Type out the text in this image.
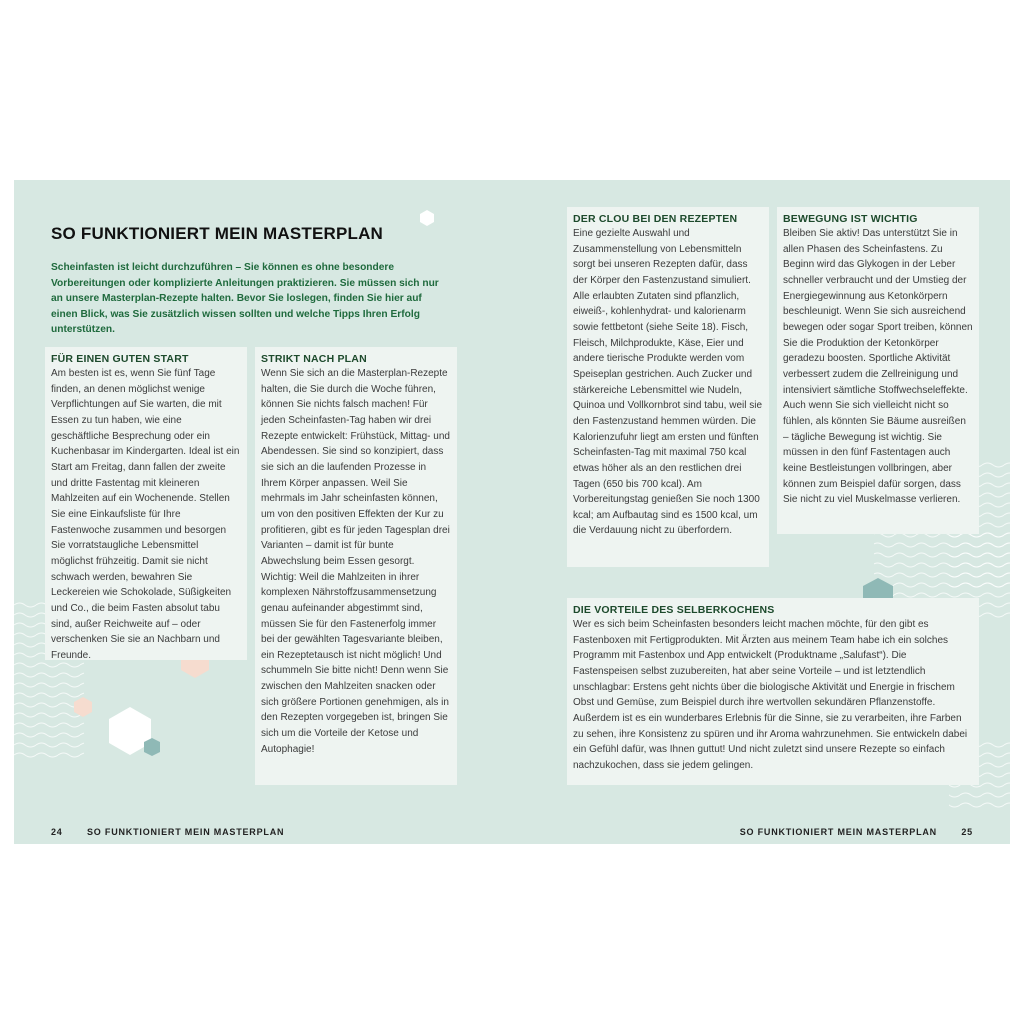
SO FUNKTIONIERT MEIN MASTERPLAN

Scheinfasten ist leicht durchzuführen – Sie können es ohne besondere Vorbereitungen oder komplizierte Anleitungen praktizieren. Sie müssen sich nur an unsere Masterplan-Rezepte halten. Bevor Sie loslegen, finden Sie hier auf einen Blick, was Sie zusätzlich wissen sollten und welche Tipps Ihren Erfolg unterstützen.

FÜR EINEN GUTEN START

Am besten ist es, wenn Sie fünf Tage finden, an denen möglichst wenige Verpflichtungen auf Sie warten, die mit Essen zu tun haben, wie eine geschäftliche Besprechung oder ein Kuchenbasar im Kindergarten. Ideal ist ein Start am Freitag, dann fallen der zweite und dritte Fastentag mit kleineren Mahlzeiten auf ein Wochenende. Stellen Sie eine Einkaufsliste für Ihre Fastenwoche zusammen und besorgen Sie vorratstaugliche Lebensmittel möglichst frühzeitig. Damit sie nicht schwach werden, bewahren Sie Leckereien wie Schokolade, Süßigkeiten und Co., die beim Fasten absolut tabu sind, außer Reichweite auf – oder verschenken Sie sie an Nachbarn und Freunde.

STRIKT NACH PLAN

Wenn Sie sich an die Masterplan-Rezepte halten, die Sie durch die Woche führen, können Sie nichts falsch machen! Für jeden Scheinfasten-Tag haben wir drei Rezepte entwickelt: Frühstück, Mittag- und Abendessen. Sie sind so konzipiert, dass sie sich an die laufenden Prozesse in Ihrem Körper anpassen. Weil Sie mehrmals im Jahr scheinfasten können, um von den positiven Effekten der Kur zu profitieren, gibt es für jeden Tagesplan drei Varianten – damit ist für bunte Abwechslung beim Essen gesorgt. Wichtig: Weil die Mahlzeiten in ihrer komplexen Nährstoffzusammensetzung genau aufeinander abgestimmt sind, müssen Sie für den Fastenerfolg immer bei der gewählten Tagesvariante bleiben, ein Rezeptetausch ist nicht möglich! Und schummeln Sie bitte nicht! Denn wenn Sie zwischen den Mahlzeiten snacken oder sich größere Portionen genehmigen, als in den Rezepten vorgegeben ist, bringen Sie sich um die Vorteile der Ketose und Autophagie!

DER CLOU BEI DEN REZEPTEN

Eine gezielte Auswahl und Zusammenstellung von Lebensmitteln sorgt bei unseren Rezepten dafür, dass der Körper den Fastenzustand simuliert. Alle erlaubten Zutaten sind pflanzlich, eiweiß-, kohlenhydrat- und kalorienarm sowie fettbetont (siehe Seite 18). Fisch, Fleisch, Milchprodukte, Käse, Eier und andere tierische Produkte werden vom Speiseplan gestrichen. Auch Zucker und stärkereiche Lebensmittel wie Nudeln, Quinoa und Vollkornbrot sind tabu, weil sie den Fastenzustand hemmen würden. Die Kalorienzufuhr liegt am ersten und fünften Scheinfasten-Tag mit maximal 750 kcal etwas höher als an den restlichen drei Tagen (650 bis 700 kcal). Am Vorbereitungstag genießen Sie noch 1300 kcal; am Aufbautag sind es 1500 kcal, um die Verdauung nicht zu überfordern.

BEWEGUNG IST WICHTIG

Bleiben Sie aktiv! Das unterstützt Sie in allen Phasen des Scheinfastens. Zu Beginn wird das Glykogen in der Leber schneller verbraucht und der Umstieg der Energiegewinnung aus Ketonkörpern beschleunigt. Wenn Sie sich ausreichend bewegen oder sogar Sport treiben, können Sie die Produktion der Ketonkörper geradezu boosten. Sportliche Aktivität verbessert zudem die Zellreinigung und intensiviert sämtliche Stoffwechseleffekte. Auch wenn Sie sich vielleicht nicht so fühlen, als könnten Sie Bäume ausreißen – tägliche Bewegung ist wichtig. Sie müssen in den fünf Fastentagen auch keine Bestleistungen vollbringen, aber können zum Beispiel dafür sorgen, dass Sie nicht zu viel Muskelmasse verlieren.

DIE VORTEILE DES SELBERKOCHENS

Wer es sich beim Scheinfasten besonders leicht machen möchte, für den gibt es Fastenboxen mit Fertigprodukten. Mit Ärzten aus meinem Team habe ich ein solches Programm mit Fastenbox und App entwickelt (Produktname „Salufast“). Die Fastenspeisen selbst zuzubereiten, hat aber seine Vorteile – und ist letztendlich unschlagbar: Erstens geht nichts über die biologische Aktivität und Energie in frischem Obst und Gemüse, zum Beispiel durch ihre wertvollen sekundären Pflanzenstoffe. Außerdem ist es ein wunderbares Erlebnis für die Sinne, sie zu verarbeiten, ihre Farben zu sehen, ihre Konsistenz zu spüren und ihr Aroma wahrzunehmen. Sie entwickeln dabei ein Gefühl dafür, was Ihnen guttut! Und nicht zuletzt sind unsere Rezepte so einfach nachzukochen, dass sie jedem gelingen.

24	SO FUNKTIONIERT MEIN MASTERPLAN	SO FUNKTIONIERT MEIN MASTERPLAN	25
